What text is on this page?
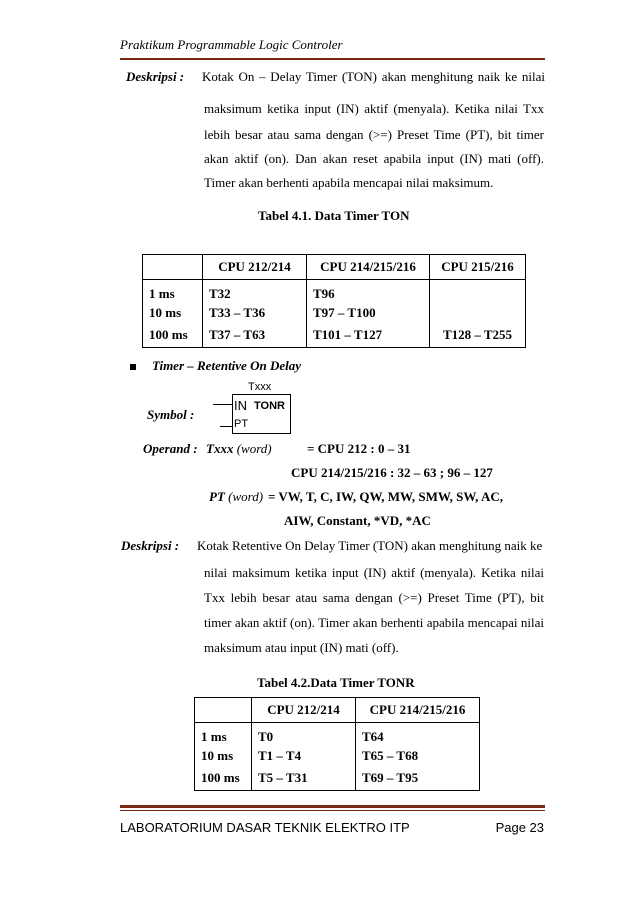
Praktikum Programmable Logic Controler
Deskripsi : Kotak On – Delay Timer (TON) akan menghitung naik ke nilai
maksimum ketika input (IN) aktif (menyala). Ketika nilai Txx
lebih besar atau sama dengan (>=) Preset Time (PT), bit timer
akan aktif (on). Dan akan reset apabila input (IN) mati (off).
Timer akan berhenti apabila mencapai nilai maksimum.
Tabel 4.1. Data Timer TON
	CPU 212/214	CPU 214/215/216	CPU 215/216
1 ms	T32	T96	
10 ms	T33 – T36	T97 – T100	
100 ms	T37 – T63	T101 – T127	T128 – T255
Timer – Retentive On Delay
Txxx
Symbol :
IN TONR
PT
Operand : Txxx (word)	= CPU 212 : 0 – 31
CPU 214/215/216 : 32 – 63 ; 96 – 127
PT (word) = VW, T, C, IW, QW, MW, SMW, SW, AC,
AIW, Constant, *VD, *AC
Deskripsi : Kotak Retentive On Delay Timer (TON) akan menghitung naik ke
nilai maksimum ketika input (IN) aktif (menyala). Ketika nilai
Txx lebih besar atau sama dengan (>=) Preset Time (PT), bit
timer akan aktif (on). Timer akan berhenti apabila mencapai nilai
maksimum atau input (IN) mati (off).
Tabel 4.2.Data Timer TONR
	CPU 212/214	CPU 214/215/216
1 ms	T0	T64
10 ms	T1 – T4	T65 – T68
100 ms	T5 – T31	T69 – T95
LABORATORIUM DASAR TEKNIK ELEKTRO ITP	Page 23
